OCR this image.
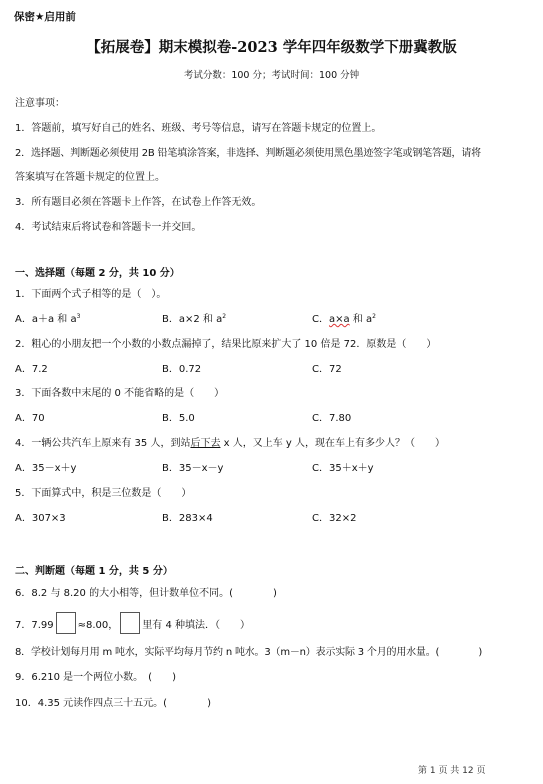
保密★启用前
【拓展卷】期末模拟卷-2023 学年四年级数学下册冀教版
考试分数：100 分；考试时间：100 分钟
注意事项：
1．答题前，填写好自己的姓名、班级、考号等信息，请写在答题卡规定的位置上。
2．选择题、判断题必须使用 2B 铅笔填涂答案，非选择、判断题必须使用黑色墨迹签字笔或钢笔答题，请将
答案填写在答题卡规定的位置上。
3．所有题目必须在答题卡上作答，在试卷上作答无效。
4．考试结束后将试卷和答题卡一并交回。
一、选择题（每题 2 分，共 10 分）
1．下面两个式子相等的是（　）。
A．a＋a 和 $a^3$	B．a×2 和 $a^2$	C．a×a 和 $a^2$
2．粗心的小朋友把一个小数的小数点漏掉了，结果比原来扩大了 10 倍是 72．原数是（　　）
A．7.2	B．0.72	C．72
3．下面各数中末尾的 0 不能省略的是（　　）
A．70	B．5.0	C．7.80
4．一辆公共汽车上原来有 35 人，到站后下去 x 人，又上车 y 人，现在车上有多少人？（　　）
A．35－x＋y	B．35－x－y	C．35＋x＋y
5．下面算式中，积是三位数是（　　）
A．307×3	B．283×4	C．32×2
二、判断题（每题 1 分，共 5 分）
6．8.2 与 8.20 的大小相等，但计数单位不同。(　　　　)
7．7.99 ≈8.00， 里有 4 种填法．（　　）
8．学校计划每月用 m 吨水，实际平均每月节约 n 吨水。3（m－n）表示实际 3 个月的用水量。(　　　　)
9．6.210 是一个两位小数。　(　　)
10．4.35 元读作四点三十五元。(　　　　)
第 1 页 共 12 页
